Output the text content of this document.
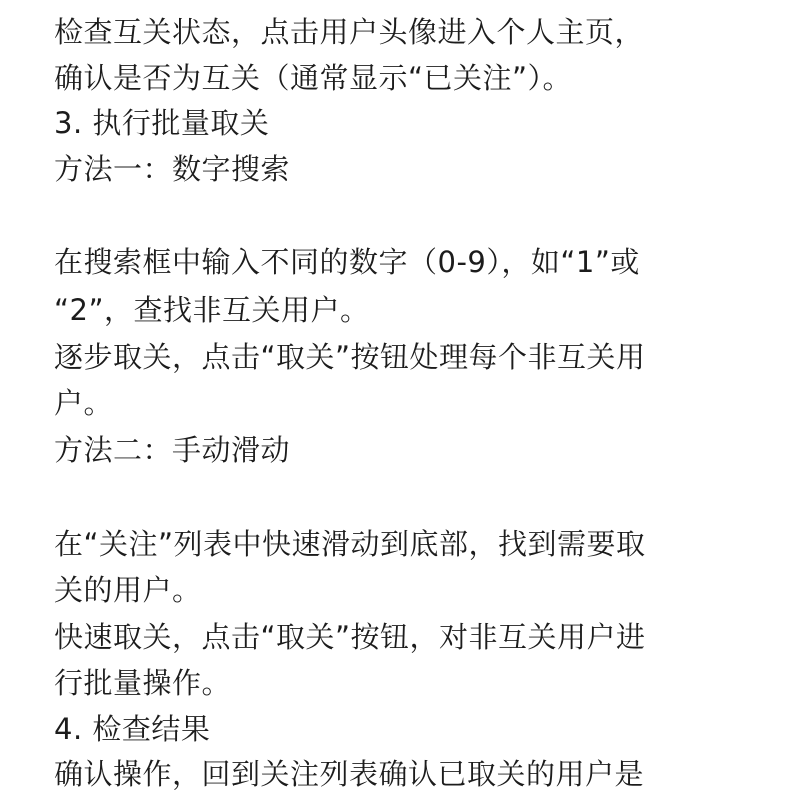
检查互关状态，点击用户头像进入个人主页，
确认是否为互关（通常显示“已关注”）。
3. 执行批量取关
方法一：数字搜索
在搜索框中输入不同的数字（0-9），如“1”或
“2”，查找非互关用户。
逐步取关，点击“取关”按钮处理每个非互关用
户。
方法二：手动滑动
在“关注”列表中快速滑动到底部，找到需要取
关的用户。
快速取关，点击“取关”按钮，对非互关用户进
行批量操作。
4. 检查结果
确认操作，回到关注列表确认已取关的用户是
